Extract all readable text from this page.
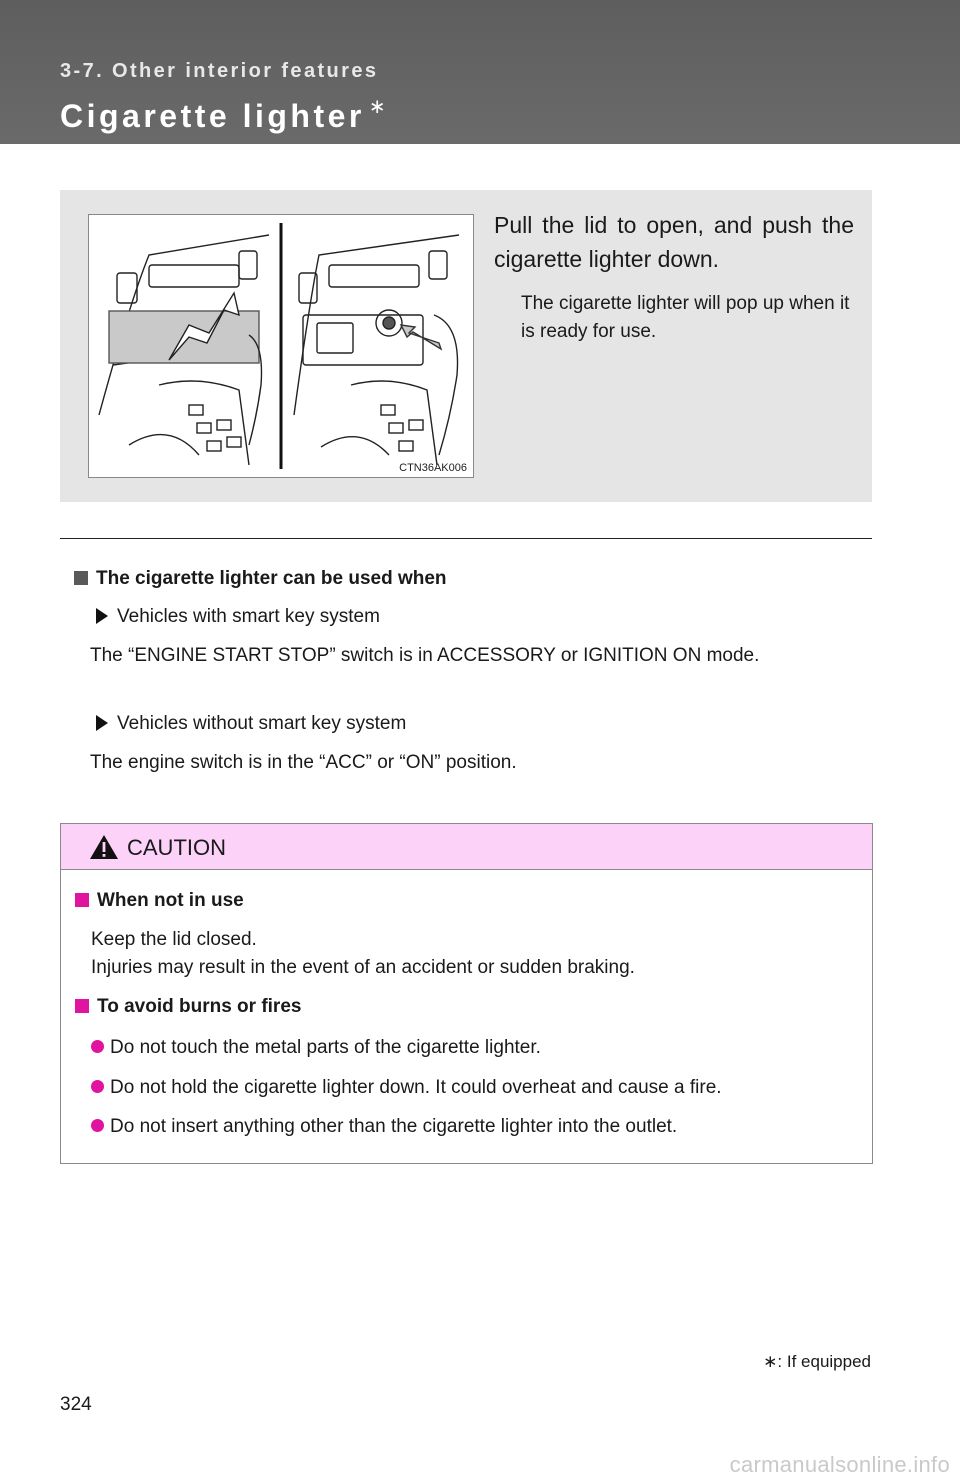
3-7. Other interior features
Cigarette lighter ∗
CTN36AK006
Pull the lid to open, and push the cigarette lighter down.
The cigarette lighter will pop up when it is ready for use.
The cigarette lighter can be used when
Vehicles with smart key system
The “ENGINE START STOP” switch is in ACCESSORY or IGNITION ON mode.
Vehicles without smart key system
The engine switch is in the “ACC” or “ON” position.
CAUTION
When not in use
Keep the lid closed.
Injuries may result in the event of an accident or sudden braking.
To avoid burns or fires
Do not touch the metal parts of the cigarette lighter.
Do not hold the cigarette lighter down. It could overheat and cause a fire.
Do not insert anything other than the cigarette lighter into the outlet.
∗: If equipped
324
carmanualsonline.info
